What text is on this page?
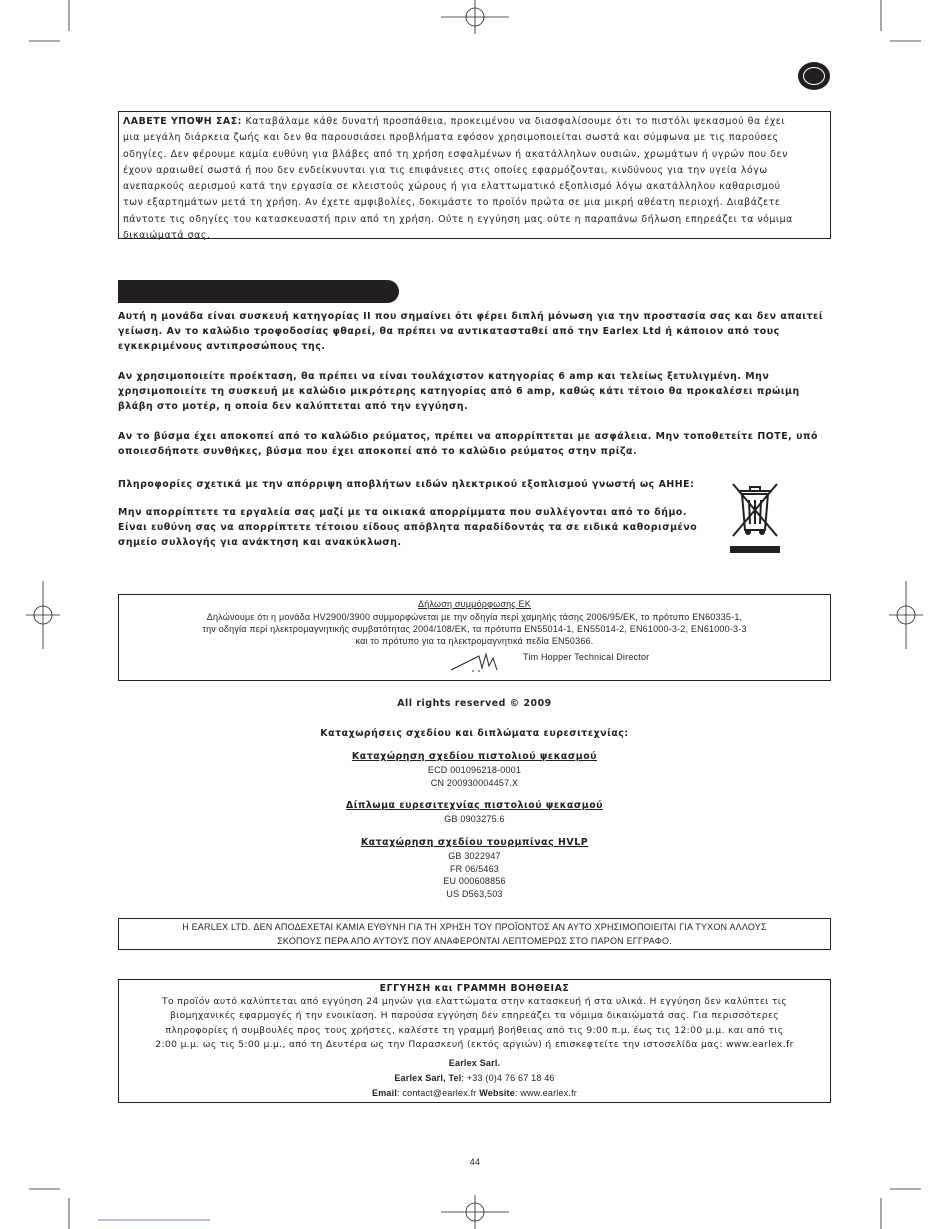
ΛΑΒΕΤΕ ΥΠΟΨΗ ΣΑΣ: Καταβάλαμε κάθε δυνατή προσπάθεια, προκειμένου να διασφαλίσουμε ότι το πιστόλι ψεκασμού θα έχει
μια μεγάλη διάρκεια ζωής και δεν θα παρουσιάσει προβλήματα εφόσον χρησιμοποιείται σωστά και σύμφωνα με τις παρούσες
οδηγίες. Δεν φέρουμε καμία ευθύνη για βλάβες από τη χρήση εσφαλμένων ή ακατάλληλων ουσιών, χρωμάτων ή υγρών που δεν
έχουν αραιωθεί σωστά ή που δεν ενδείκνυνται για τις επιφάνειες στις οποίες εφαρμόζονται, κινδύνους για την υγεία λόγω
ανεπαρκούς αερισμού κατά την εργασία σε κλειστούς χώρους ή για ελαττωματικό εξοπλισμό λόγω ακατάλληλου καθαρισμού
των εξαρτημάτων μετά τη χρήση. Αν έχετε αμφιβολίες, δοκιμάστε το προϊόν πρώτα σε μια μικρή αθέατη περιοχή. Διαβάζετε
πάντοτε τις οδηγίες του κατασκευαστή πριν από τη χρήση. Ούτε η εγγύηση μας ούτε η παραπάνω δήλωση επηρεάζει τα νόμιμα
δικαιώματά σας.
Αυτή η μονάδα είναι συσκευή κατηγορίας II που σημαίνει ότι φέρει διπλή μόνωση για την προστασία σας και δεν απαιτεί
γείωση. Αν το καλώδιο τροφοδοσίας φθαρεί, θα πρέπει να αντικατασταθεί από την Earlex Ltd ή κάποιον από τους
εγκεκριμένους αντιπροσώπους της.
Αν χρησιμοποιείτε προέκταση, θα πρέπει να είναι τουλάχιστον κατηγορίας 6 amp και τελείως ξετυλιγμένη. Μην
χρησιμοποιείτε τη συσκευή με καλώδιο μικρότερης κατηγορίας από 6 amp, καθώς κάτι τέτοιο θα προκαλέσει πρώιμη
βλάβη στο μοτέρ, η οποία δεν καλύπτεται από την εγγύηση.
Αν το βύσμα έχει αποκοπεί από το καλώδιο ρεύματος, πρέπει να απορρίπτεται με ασφάλεια. Μην τοποθετείτε ΠΟΤΕ, υπό
οποιεσδήποτε συνθήκες, βύσμα που έχει αποκοπεί από το καλώδιο ρεύματος στην πρίζα.
Πληροφορίες σχετικά με την απόρριψη αποβλήτων ειδών ηλεκτρικού εξοπλισμού γνωστή ως ΑΗΗΕ:
Μην απορρίπτετε τα εργαλεία σας μαζί με τα οικιακά απορρίμματα που συλλέγονται από το δήμο.
Είναι ευθύνη σας να απορρίπτετε τέτοιου είδους απόβλητα παραδίδοντάς τα σε ειδικά καθορισμένο
σημείο συλλογής για ανάκτηση και ανακύκλωση.
Δήλωση συμμόρφωσης ΕΚ
Δηλώνουμε ότι η μονάδα HV2900/3900 συμμορφώνεται με την οδηγία περί χαμηλής τάσης 2006/95/ΕΚ, το πρότυπο EN60335-1,
την οδηγία περί ηλεκτρομαγνητικής συμβατότητας 2004/108/ΕΚ, τα πρότυπα EN55014-1, EN55014-2, EN61000-3-2, EN61000-3-3
και το πρότυπο για τα ηλεκτρομαγνητικά πεδία EN50366.
Tim Hopper Technical Director
All rights reserved © 2009
Καταχωρήσεις σχεδίου και διπλώματα ευρεσιτεχνίας:
Καταχώρηση σχεδίου πιστολιού ψεκασμού
ECD 001096218-0001
CN 200930004457.X
Δίπλωμα ευρεσιτεχνίας πιστολιού ψεκασμού
GB 0903275.6
Καταχώρηση σχεδίου τουρμπίνας HVLP
GB 3022947
FR 06/5463
EU 000608856
US D563,503
Η EARLEX LTD. ΔΕΝ ΑΠΟΔΕΧΕΤΑΙ ΚΑΜΙΑ ΕΥΘΥΝΗ ΓΙΑ ΤΗ ΧΡΗΣΗ ΤΟΥ ΠΡΟΪΟΝΤΟΣ ΑΝ ΑΥΤΟ ΧΡΗΣΙΜΟΠΟΙΕΙΤΑΙ ΓΙΑ ΤΥΧΟΝ ΑΛΛΟΥΣ
ΣΚΟΠΟΥΣ ΠΕΡΑ ΑΠΟ ΑΥΤΟΥΣ ΠΟΥ ΑΝΑΦΕΡΟΝΤΑΙ ΛΕΠΤΟΜΕΡΩΣ ΣΤΟ ΠΑΡΟΝ ΕΓΓΡΑΦΟ.
ΕΓΓΥΗΣΗ και ΓΡΑΜΜΗ ΒΟΗΘΕΙΑΣ
Το προϊόν αυτό καλύπτεται από εγγύηση 24 μηνών για ελαττώματα στην κατασκευή ή στα υλικά. Η εγγύηση δεν καλύπτει τις
βιομηχανικές εφαρμογές ή την ενοικίαση. Η παρούσα εγγύηση δεν επηρεάζει τα νόμιμα δικαιώματά σας. Για περισσότερες
πληροφορίες ή συμβουλές προς τους χρήστες, καλέστε τη γραμμή βοήθειας από τις 9:00 π.μ. έως τις 12:00 μ.μ. και από τις
2:00 μ.μ. ως τις 5:00 μ.μ., από τη Δευτέρα ως την Παρασκευή (εκτός αργιών) ή επισκεφτείτε την ιστοσελίδα μας: www.earlex.fr
Earlex Sarl.
Earlex Sarl, Tel: +33 (0)4 76 67 18 46
Email: contact@earlex.fr Website: www.earlex.fr
44
